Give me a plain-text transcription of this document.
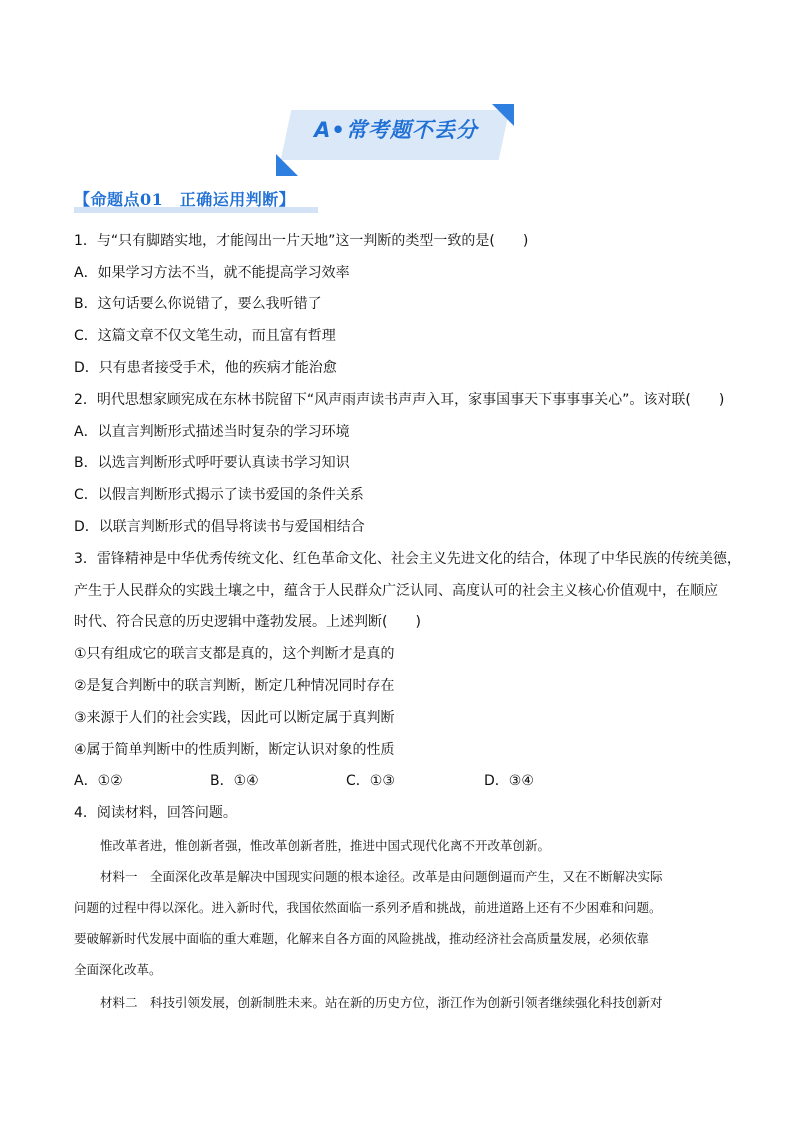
A•常考题不丢分
【命题点01　正确运用判断】
1．与“只有脚踏实地，才能闯出一片天地”这一判断的类型一致的是(　　)
A．如果学习方法不当，就不能提高学习效率
B．这句话要么你说错了，要么我听错了
C．这篇文章不仅文笔生动，而且富有哲理
D．只有患者接受手术，他的疾病才能治愈
2．明代思想家顾宪成在东林书院留下“风声雨声读书声声入耳，家事国事天下事事事关心”。该对联(　　)
A．以直言判断形式描述当时复杂的学习环境
B．以选言判断形式呼吁要认真读书学习知识
C．以假言判断形式揭示了读书爱国的条件关系
D．以联言判断形式的倡导将读书与爱国相结合
3．雷锋精神是中华优秀传统文化、红色革命文化、社会主义先进文化的结合，体现了中华民族的传统美德，
产生于人民群众的实践土壤之中，蕴含于人民群众广泛认同、高度认可的社会主义核心价值观中，在顺应
时代、符合民意的历史逻辑中蓬勃发展。上述判断(　　)
①只有组成它的联言支都是真的，这个判断才是真的
②是复合判断中的联言判断，断定几种情况同时存在
③来源于人们的社会实践，因此可以断定属于真判断
④属于简单判断中的性质判断，断定认识对象的性质
A．①②	B．①④	C．①③	D．③④
4．阅读材料，回答问题。
惟改革者进，惟创新者强，惟改革创新者胜，推进中国式现代化离不开改革创新。
材料一　全面深化改革是解决中国现实问题的根本途径。改革是由问题倒逼而产生，又在不断解决实际
问题的过程中得以深化。进入新时代，我国依然面临一系列矛盾和挑战，前进道路上还有不少困难和问题。
要破解新时代发展中面临的重大难题，化解来自各方面的风险挑战，推动经济社会高质量发展，必须依靠
全面深化改革。
材料二　科技引领发展，创新制胜未来。站在新的历史方位，浙江作为创新引领者继续强化科技创新对
